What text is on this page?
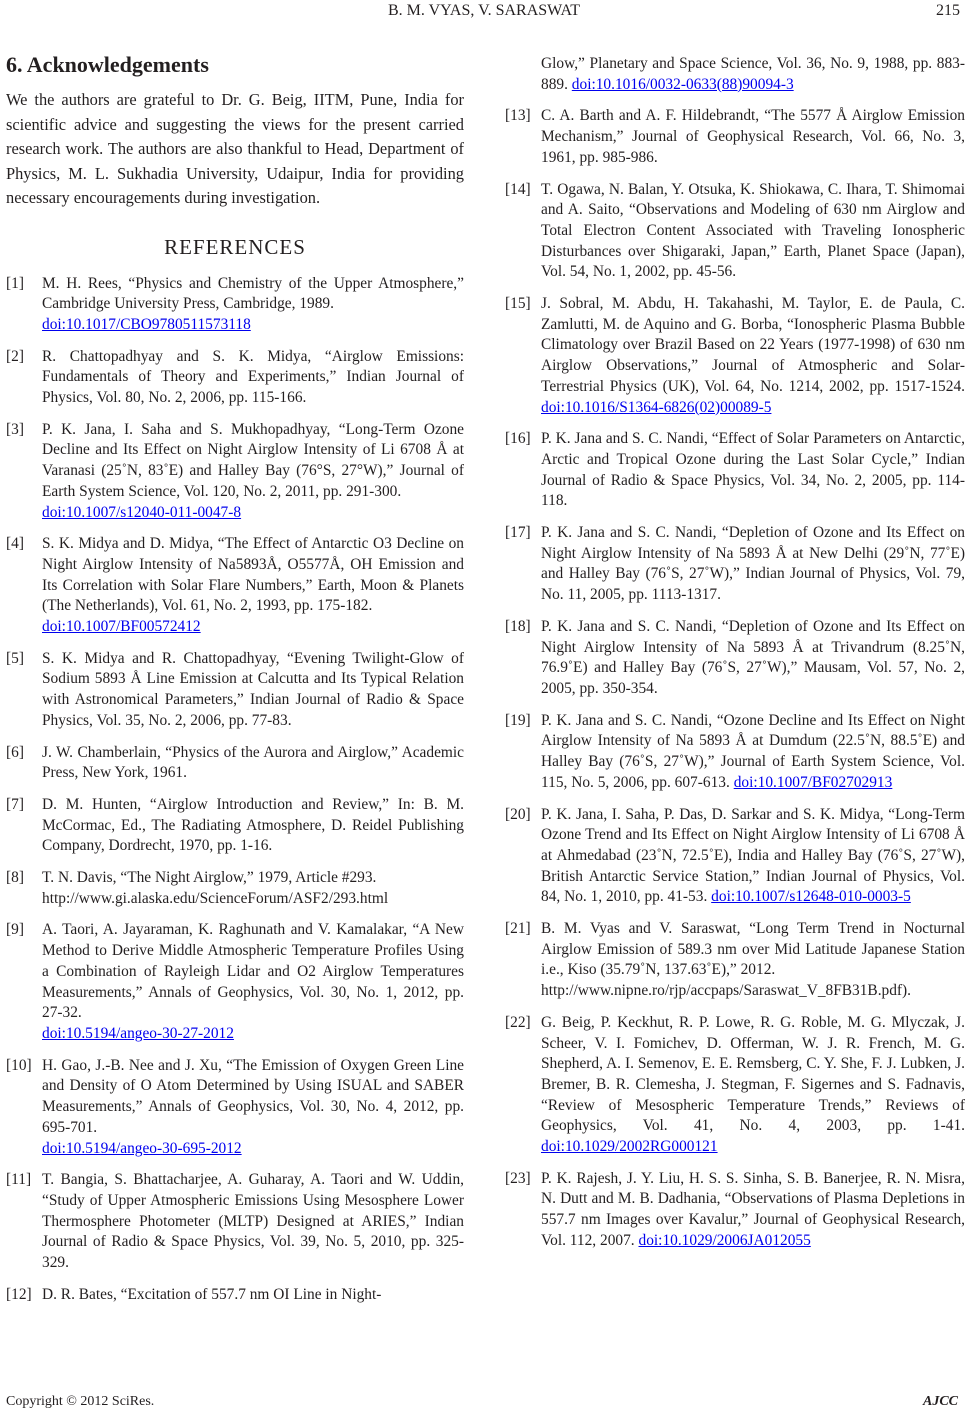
B. M. VYAS, V. SARASWAT	215
6. Acknowledgements

We the authors are grateful to Dr. G. Beig, IITM, Pune, India for scientific advice and suggesting the views for the present carried research work. The authors are also thankful to Head, Department of Physics, M. L. Sukhadia University, Udaipur, India for providing necessary encouragements during investigation.

REFERENCES
[1] M. H. Rees, “Physics and Chemistry of the Upper Atmosphere,” Cambridge University Press, Cambridge, 1989.
doi:10.1017/CBO9780511573118
[2] R. Chattopadhyay and S. K. Midya, “Airglow Emissions: Fundamentals of Theory and Experiments,” Indian Journal of Physics, Vol. 80, No. 2, 2006, pp. 115-166.
[3] P. K. Jana, I. Saha and S. Mukhopadhyay, “Long-Term Ozone Decline and Its Effect on Night Airglow Intensity of Li 6708 Å at Varanasi (25˚N, 83˚E) and Halley Bay (76°S, 27°W),” Journal of Earth System Science, Vol. 120, No. 2, 2011, pp. 291-300.
doi:10.1007/s12040-011-0047-8
[4] S. K. Midya and D. Midya, “The Effect of Antarctic O3 Decline on Night Airglow Intensity of Na5893Å, O5577Å, OH Emission and Its Correlation with Solar Flare Numbers,” Earth, Moon & Planets (The Netherlands), Vol. 61, No. 2, 1993, pp. 175-182.
doi:10.1007/BF00572412
[5] S. K. Midya and R. Chattopadhyay, “Evening Twilight-Glow of Sodium 5893 Å Line Emission at Calcutta and Its Typical Relation with Astronomical Parameters,” Indian Journal of Radio & Space Physics, Vol. 35, No. 2, 2006, pp. 77-83.
[6] J. W. Chamberlain, “Physics of the Aurora and Airglow,” Academic Press, New York, 1961.
[7] D. M. Hunten, “Airglow Introduction and Review,” In: B. M. McCormac, Ed., The Radiating Atmosphere, D. Reidel Publishing Company, Dordrecht, 1970, pp. 1-16.
[8] T. N. Davis, “The Night Airglow,” 1979, Article #293.
http://www.gi.alaska.edu/ScienceForum/ASF2/293.html
[9] A. Taori, A. Jayaraman, K. Raghunath and V. Kamalakar, “A New Method to Derive Middle Atmospheric Temperature Profiles Using a Combination of Rayleigh Lidar and O2 Airglow Temperatures Measurements,” Annals of Geophysics, Vol. 30, No. 1, 2012, pp. 27-32.
doi:10.5194/angeo-30-27-2012
[10] H. Gao, J.-B. Nee and J. Xu, “The Emission of Oxygen Green Line and Density of O Atom Determined by Using ISUAL and SABER Measurements,” Annals of Geophysics, Vol. 30, No. 4, 2012, pp. 695-701.
doi:10.5194/angeo-30-695-2012
[11] T. Bangia, S. Bhattacharjee, A. Guharay, A. Taori and W. Uddin, “Study of Upper Atmospheric Emissions Using Mesosphere Lower Thermosphere Photometer (MLTP) Designed at ARIES,” Indian Journal of Radio & Space Physics, Vol. 39, No. 5, 2010, pp. 325-329.
[12] D. R. Bates, “Excitation of 557.7 nm OI Line in Night-
Glow,” Planetary and Space Science, Vol. 36, No. 9, 1988, pp. 883-889. doi:10.1016/0032-0633(88)90094-3
[13] C. A. Barth and A. F. Hildebrandt, “The 5577 Å Airglow Emission Mechanism,” Journal of Geophysical Research, Vol. 66, No. 3, 1961, pp. 985-986.
[14] T. Ogawa, N. Balan, Y. Otsuka, K. Shiokawa, C. Ihara, T. Shimomai and A. Saito, “Observations and Modeling of 630 nm Airglow and Total Electron Content Associated with Traveling Ionospheric Disturbances over Shigaraki, Japan,” Earth, Planet Space (Japan), Vol. 54, No. 1, 2002, pp. 45-56.
[15] J. Sobral, M. Abdu, H. Takahashi, M. Taylor, E. de Paula, C. Zamlutti, M. de Aquino and G. Borba, “Ionospheric Plasma Bubble Climatology over Brazil Based on 22 Years (1977-1998) of 630 nm Airglow Observations,” Journal of Atmospheric and Solar-Terrestrial Physics (UK), Vol. 64, No. 1214, 2002, pp. 1517-1524. doi:10.1016/S1364-6826(02)00089-5
[16] P. K. Jana and S. C. Nandi, “Effect of Solar Parameters on Antarctic, Arctic and Tropical Ozone during the Last Solar Cycle,” Indian Journal of Radio & Space Physics, Vol. 34, No. 2, 2005, pp. 114-118.
[17] P. K. Jana and S. C. Nandi, “Depletion of Ozone and Its Effect on Night Airglow Intensity of Na 5893 Å at New Delhi (29˚N, 77˚E) and Halley Bay (76˚S, 27˚W),” Indian Journal of Physics, Vol. 79, No. 11, 2005, pp. 1113-1317.
[18] P. K. Jana and S. C. Nandi, “Depletion of Ozone and Its Effect on Night Airglow Intensity of Na 5893 Å at Trivandrum (8.25˚N, 76.9˚E) and Halley Bay (76˚S, 27˚W),” Mausam, Vol. 57, No. 2, 2005, pp. 350-354.
[19] P. K. Jana and S. C. Nandi, “Ozone Decline and Its Effect on Night Airglow Intensity of Na 5893 Å at Dumdum (22.5˚N, 88.5˚E) and Halley Bay (76˚S, 27˚W),” Journal of Earth System Science, Vol. 115, No. 5, 2006, pp. 607-613. doi:10.1007/BF02702913
[20] P. K. Jana, I. Saha, P. Das, D. Sarkar and S. K. Midya, “Long-Term Ozone Trend and Its Effect on Night Airglow Intensity of Li 6708 Å at Ahmedabad (23˚N, 72.5˚E), India and Halley Bay (76˚S, 27˚W), British Antarctic Service Station,” Indian Journal of Physics, Vol. 84, No. 1, 2010, pp. 41-53. doi:10.1007/s12648-010-0003-5
[21] B. M. Vyas and V. Saraswat, “Long Term Trend in Nocturnal Airglow Emission of 589.3 nm over Mid Latitude Japanese Station i.e., Kiso (35.79˚N, 137.63˚E),” 2012.
http://www.nipne.ro/rjp/accpaps/Saraswat_V_8FB31B.pdf).
[22] G. Beig, P. Keckhut, R. P. Lowe, R. G. Roble, M. G. Mlyczak, J. Scheer, V. I. Fomichev, D. Offerman, W. J. R. French, M. G. Shepherd, A. I. Semenov, E. E. Remsberg, C. Y. She, F. J. Lubken, J. Bremer, B. R. Clemesha, J. Stegman, F. Sigernes and S. Fadnavis, “Review of Mesospheric Temperature Trends,” Reviews of Geophysics, Vol. 41, No. 4, 2003, pp. 1-41. doi:10.1029/2002RG000121
[23] P. K. Rajesh, J. Y. Liu, H. S. S. Sinha, S. B. Banerjee, R. N. Misra, N. Dutt and M. B. Dadhania, “Observations of Plasma Depletions in 557.7 nm Images over Kavalur,” Journal of Geophysical Research, Vol. 112, 2007. doi:10.1029/2006JA012055
Copyright © 2012 SciRes.	AJCC
